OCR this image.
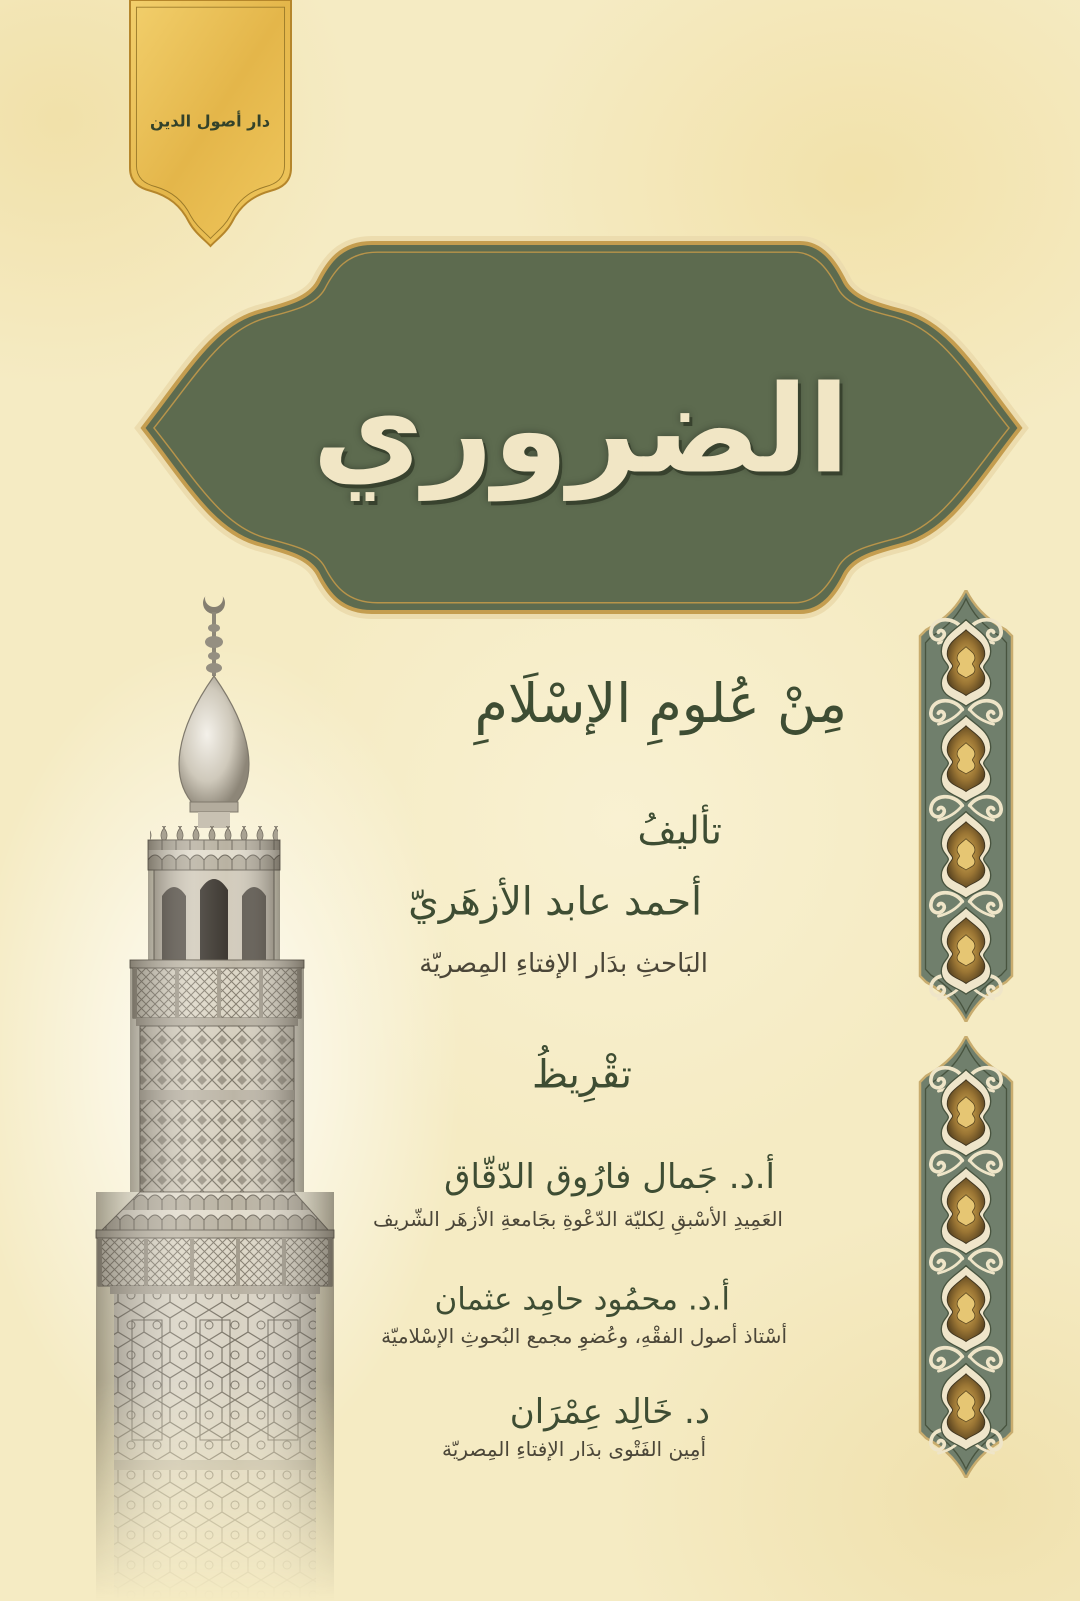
دار أصول الدين
الضروري
مِنْ عُلومِ الإسْلَامِ
تأليفُ
أحمد عابد الأزهَريّ
البَاحثِ بدَار الإفتاءِ المِصريّة
تقْرِيظُ
أ.د. جَمال فارُوق الدّقّاق
العَمِيدِ الأسْبقِ لِكليّة الدّعْوةِ بجَامعةِ الأزهَر الشّريف
أ.د. محمُود حامِد عثمان
أسْتاذ أصول الفقْهِ، وعُضوِ مجمع البُحوثِ الإسْلاميّة
د. خَالِد عِمْرَان
أمِين الفَتْوى بدَار الإفتاءِ المِصريّة
